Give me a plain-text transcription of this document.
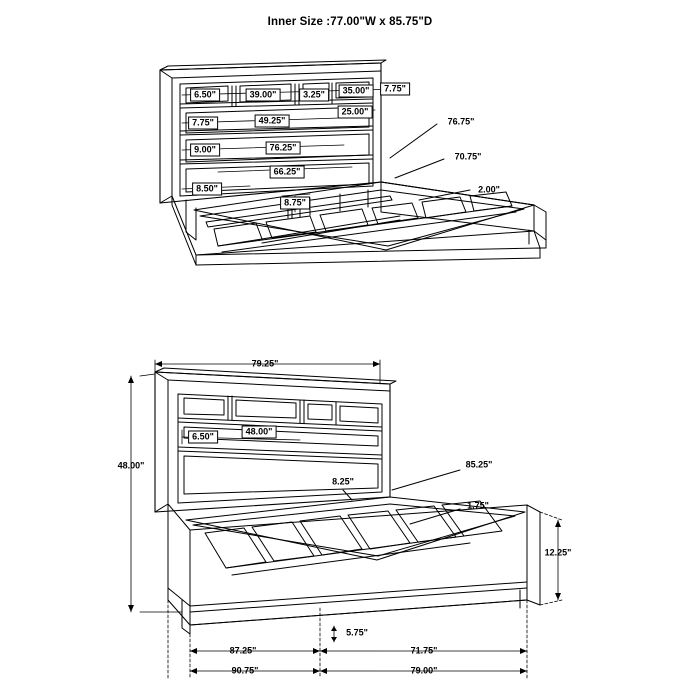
Inner Size :77.00"W x 85.75"D
6.50"	39.00"	3.25"	35.00"	7.75"
25.00"
7.75"	49.25"	76.75"
9.00"	76.25"
70.75"
66.25"
8.50"	2.00"
8.75"
79.25"
6.50"	48.00"
48.00"	85.25"
8.25"
1.75"
12.25"
5.75"
87.25"	71.75"
90.75"	79.00"
